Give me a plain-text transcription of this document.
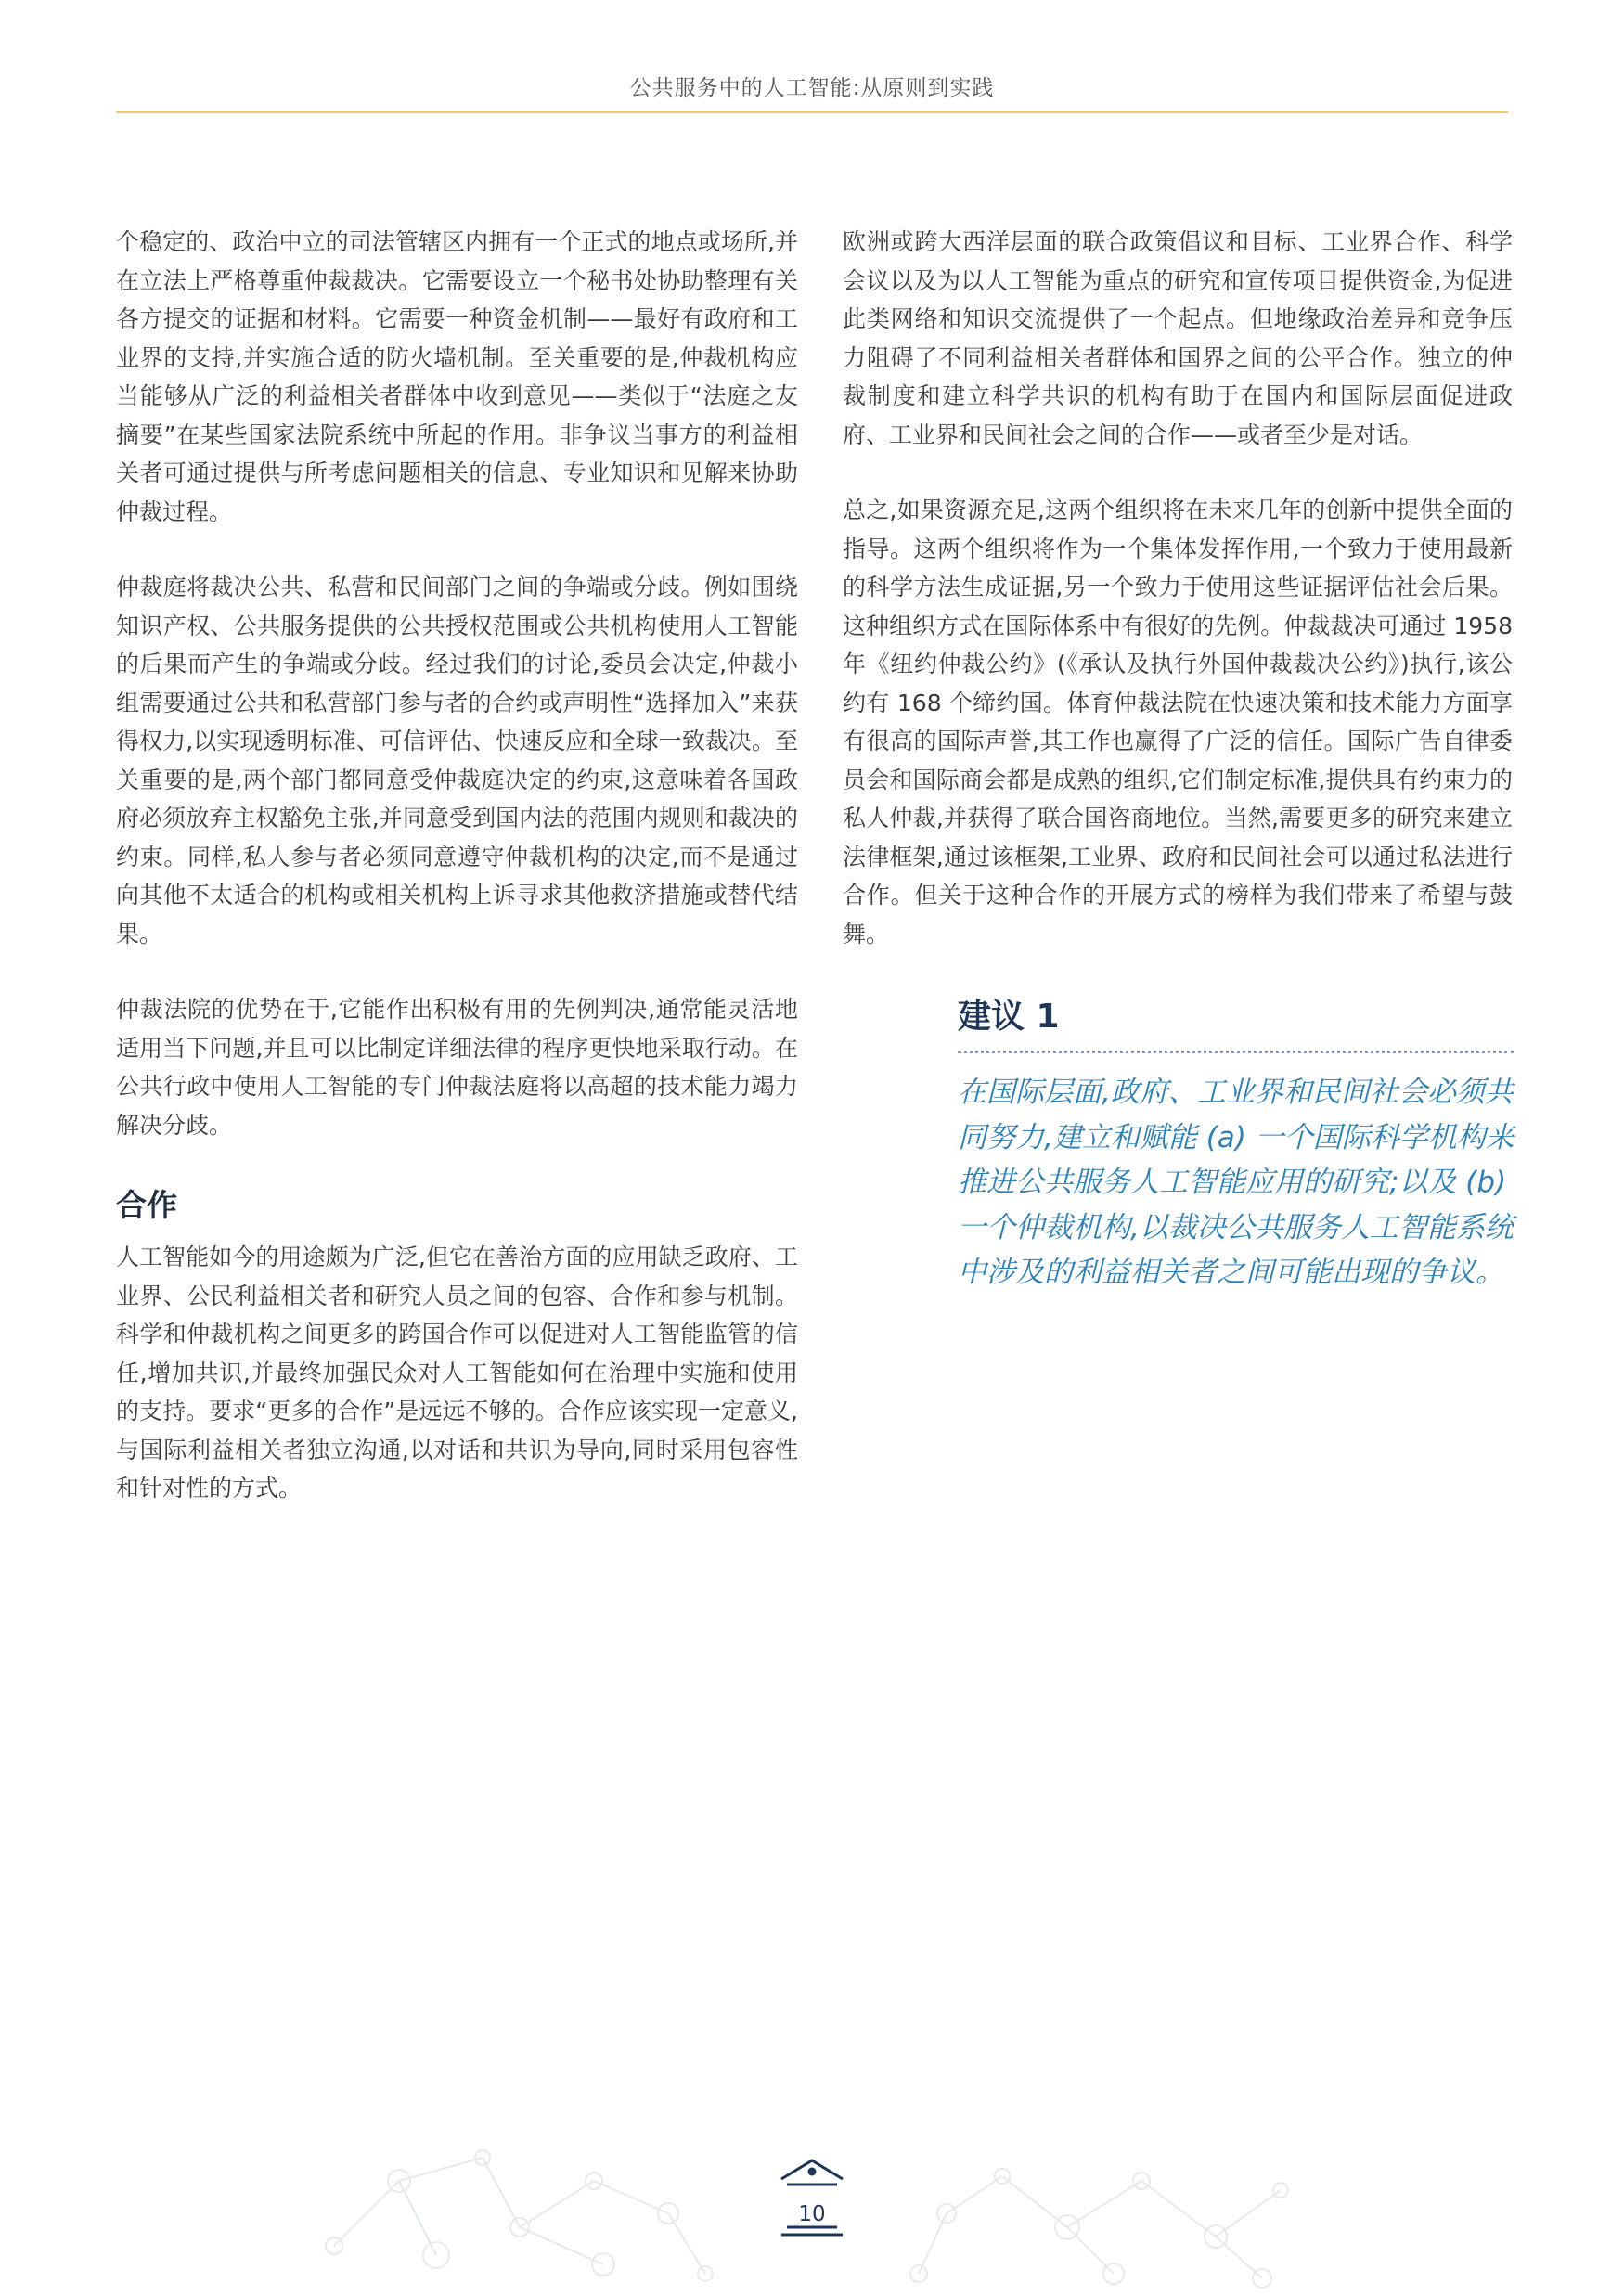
公共服务中的人工智能:从原则到实践

个稳定的、政治中立的司法管辖区内拥有一个正式的地点或场所,并在立法上严格尊重仲裁裁决。它需要设立一个秘书处协助整理有关各方提交的证据和材料。它需要一种资金机制——最好有政府和工业界的支持,并实施合适的防火墙机制。至关重要的是,仲裁机构应当能够从广泛的利益相关者群体中收到意见——类似于“法庭之友摘要”在某些国家法院系统中所起的作用。非争议当事方的利益相关者可通过提供与所考虑问题相关的信息、专业知识和见解来协助仲裁过程。

仲裁庭将裁决公共、私营和民间部门之间的争端或分歧。例如围绕知识产权、公共服务提供的公共授权范围或公共机构使用人工智能的后果而产生的争端或分歧。经过我们的讨论,委员会决定,仲裁小组需要通过公共和私营部门参与者的合约或声明性“选择加入”来获得权力,以实现透明标准、可信评估、快速反应和全球一致裁决。至关重要的是,两个部门都同意受仲裁庭决定的约束,这意味着各国政府必须放弃主权豁免主张,并同意受到国内法的范围内规则和裁决的约束。同样,私人参与者必须同意遵守仲裁机构的决定,而不是通过向其他不太适合的机构或相关机构上诉寻求其他救济措施或替代结果。

仲裁法院的优势在于,它能作出积极有用的先例判决,通常能灵活地适用当下问题,并且可以比制定详细法律的程序更快地采取行动。在公共行政中使用人工智能的专门仲裁法庭将以高超的技术能力竭力解决分歧。

合作

人工智能如今的用途颇为广泛,但它在善治方面的应用缺乏政府、工业界、公民利益相关者和研究人员之间的包容、合作和参与机制。科学和仲裁机构之间更多的跨国合作可以促进对人工智能监管的信任,增加共识,并最终加强民众对人工智能如何在治理中实施和使用的支持。要求“更多的合作”是远远不够的。合作应该实现一定意义,与国际利益相关者独立沟通,以对话和共识为导向,同时采用包容性和针对性的方式。

欧洲或跨大西洋层面的联合政策倡议和目标、工业界合作、科学会议以及为以人工智能为重点的研究和宣传项目提供资金,为促进此类网络和知识交流提供了一个起点。但地缘政治差异和竞争压力阻碍了不同利益相关者群体和国界之间的公平合作。独立的仲裁制度和建立科学共识的机构有助于在国内和国际层面促进政府、工业界和民间社会之间的合作——或者至少是对话。

总之,如果资源充足,这两个组织将在未来几年的创新中提供全面的指导。这两个组织将作为一个集体发挥作用,一个致力于使用最新的科学方法生成证据,另一个致力于使用这些证据评估社会后果。这种组织方式在国际体系中有很好的先例。仲裁裁决可通过 1958 年《纽约仲裁公约》(《承认及执行外国仲裁裁决公约》)执行,该公约有 168 个缔约国。体育仲裁法院在快速决策和技术能力方面享有很高的国际声誉,其工作也赢得了广泛的信任。国际广告自律委员会和国际商会都是成熟的组织,它们制定标准,提供具有约束力的私人仲裁,并获得了联合国咨商地位。当然,需要更多的研究来建立法律框架,通过该框架,工业界、政府和民间社会可以通过私法进行合作。但关于这种合作的开展方式的榜样为我们带来了希望与鼓舞。

建议 1

在国际层面,政府、工业界和民间社会必须共同努力,建立和赋能 (a) 一个国际科学机构来推进公共服务人工智能应用的研究;以及 (b) 一个仲裁机构,以裁决公共服务人工智能系统中涉及的利益相关者之间可能出现的争议。

10
